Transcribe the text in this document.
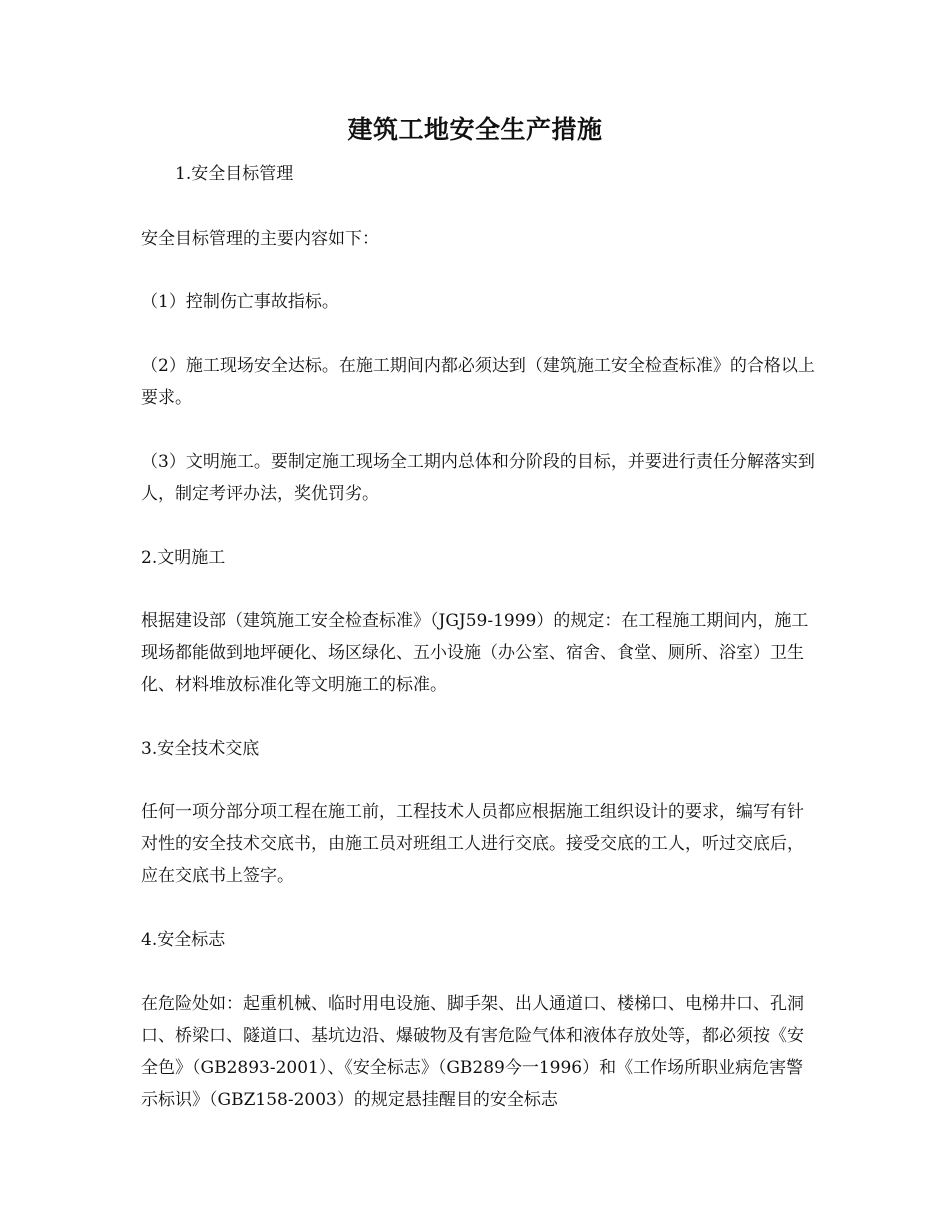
建筑工地安全生产措施
1.安全目标管理
安全目标管理的主要内容如下：
（1）控制伤亡事故指标。
（2）施工现场安全达标。在施工期间内都必须达到（建筑施工安全检查标准》的合格以上要求。
（3）文明施工。要制定施工现场全工期内总体和分阶段的目标，并要进行责任分解落实到人，制定考评办法，奖优罚劣。
2.文明施工
根据建设部（建筑施工安全检查标准》（JGJ59-1999）的规定：在工程施工期间内，施工现场都能做到地坪硬化、场区绿化、五小设施（办公室、宿舍、食堂、厕所、浴室）卫生化、材料堆放标准化等文明施工的标准。
3.安全技术交底
任何一项分部分项工程在施工前，工程技术人员都应根据施工组织设计的要求，编写有针对性的安全技术交底书，由施工员对班组工人进行交底。接受交底的工人，听过交底后，应在交底书上签字。
4.安全标志
在危险处如：起重机械、临时用电设施、脚手架、出人通道口、楼梯口、电梯井口、孔洞口、桥梁口、隧道口、基坑边沿、爆破物及有害危险气体和液体存放处等，都必须按《安全色》（GB2893-2001）、《安全标志》（GB289今一1996）和《工作场所职业病危害警示标识》（GBZ158-2003）的规定悬挂醒目的安全标志
